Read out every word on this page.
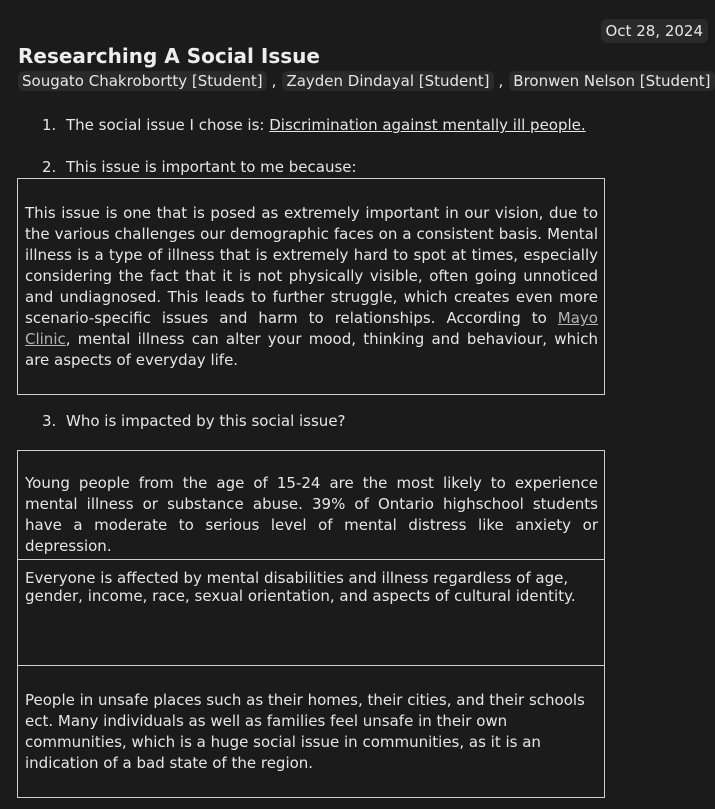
Oct 28, 2024
Researching A Social Issue
Sougato Chakrobortty [Student] , Zayden Dindayal [Student] , Bronwen Nelson [Student]
1. The social issue I chose is: Discrimination against mentally ill people.
2. This issue is important to me because:
This issue is one that is posed as extremely important in our vision, due to the various challenges our demographic faces on a consistent basis. Mental illness is a type of illness that is extremely hard to spot at times, especially considering the fact that it is not physically visible, often going unnoticed and undiagnosed. This leads to further struggle, which creates even more scenario-specific issues and harm to relationships. According to Mayo Clinic, mental illness can alter your mood, thinking and behaviour, which are aspects of everyday life.
3. Who is impacted by this social issue?
Young people from the age of 15-24 are the most likely to experience mental illness or substance abuse. 39% of Ontario highschool students have a moderate to serious level of mental distress like anxiety or depression.
Everyone is affected by mental disabilities and illness regardless of age, gender, income, race, sexual orientation, and aspects of cultural identity.
People in unsafe places such as their homes, their cities, and their schools ect. Many individuals as well as families feel unsafe in their own communities, which is a huge social issue in communities, as it is an indication of a bad state of the region.
